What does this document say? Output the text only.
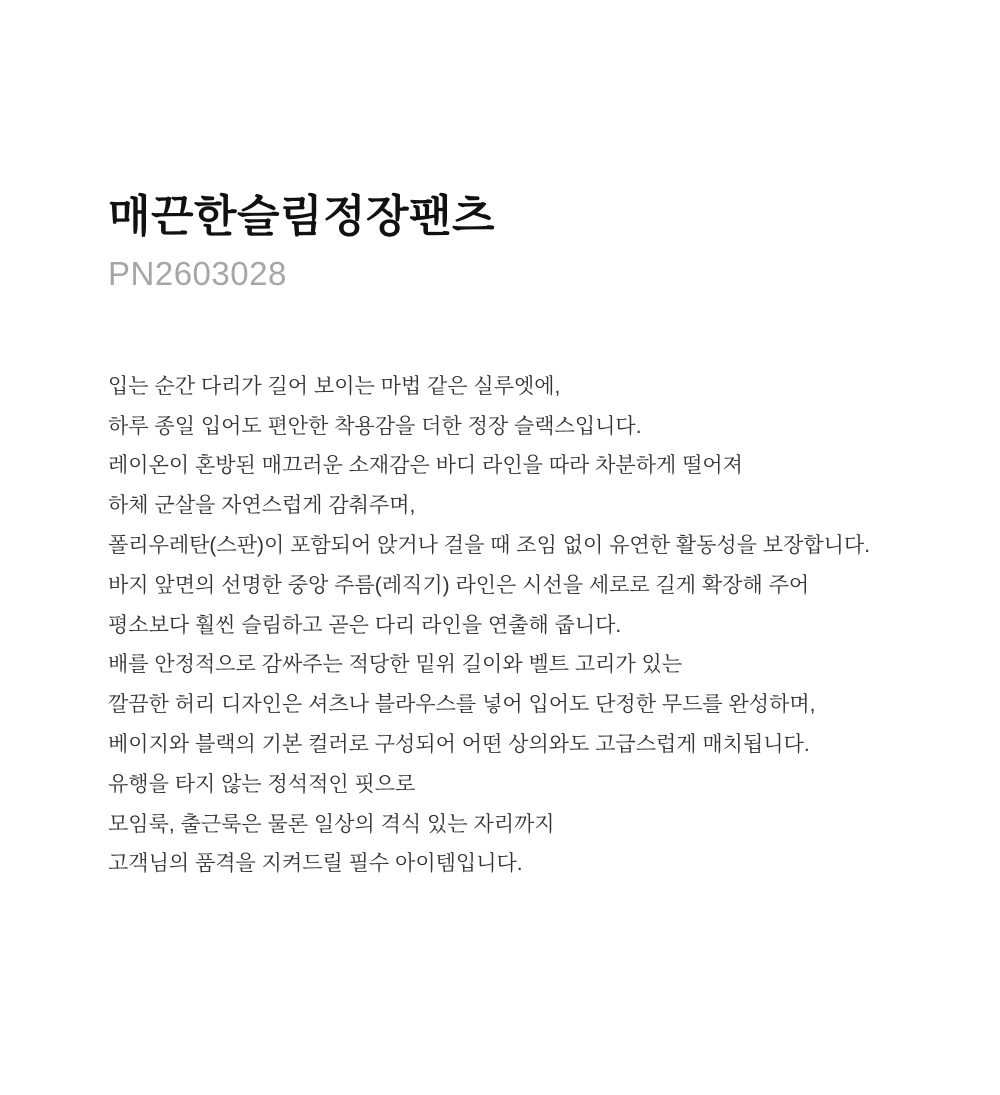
매끈한슬림정장팬츠
PN2603028
입는 순간 다리가 길어 보이는 마법 같은 실루엣에,
하루 종일 입어도 편안한 착용감을 더한 정장 슬랙스입니다.
레이온이 혼방된 매끄러운 소재감은 바디 라인을 따라 차분하게 떨어져
하체 군살을 자연스럽게 감춰주며,
폴리우레탄(스판)이 포함되어 앉거나 걸을 때 조임 없이 유연한 활동성을 보장합니다.
바지 앞면의 선명한 중앙 주름(레직기) 라인은 시선을 세로로 길게 확장해 주어
평소보다 훨씬 슬림하고 곧은 다리 라인을 연출해 줍니다.
배를 안정적으로 감싸주는 적당한 밑위 길이와 벨트 고리가 있는
깔끔한 허리 디자인은 셔츠나 블라우스를 넣어 입어도 단정한 무드를 완성하며,
베이지와 블랙의 기본 컬러로 구성되어 어떤 상의와도 고급스럽게 매치됩니다.
유행을 타지 않는 정석적인 핏으로
모임룩, 출근룩은 물론 일상의 격식 있는 자리까지
고객님의 품격을 지켜드릴 필수 아이템입니다.
